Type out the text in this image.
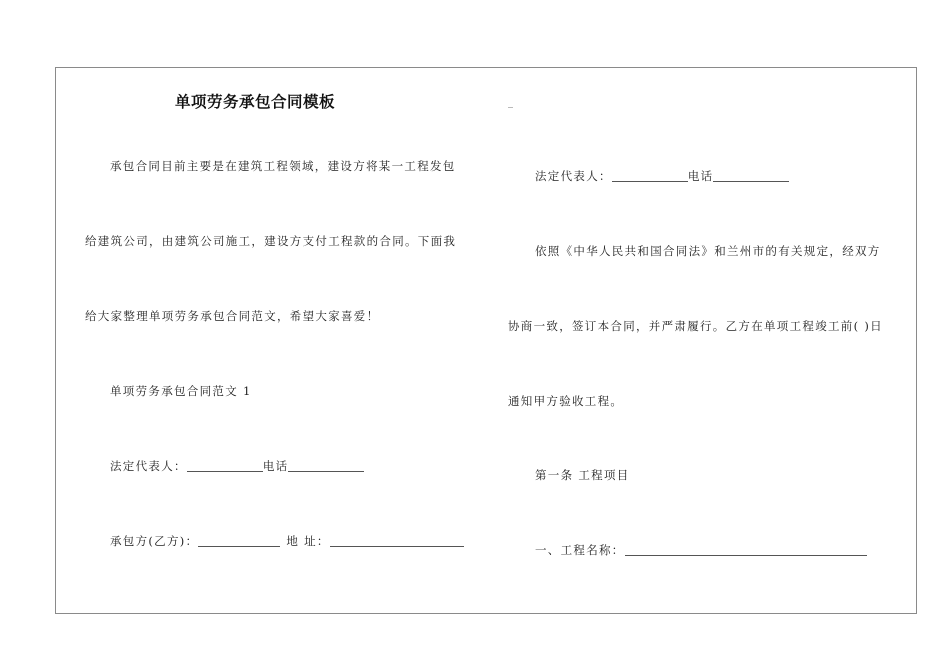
单项劳务承包合同模板	_
承包合同目前主要是在建筑工程领域，建设方将某一工程发包
给建筑公司，由建筑公司施工，建设方支付工程款的合同。下面我
给大家整理单项劳务承包合同范文，希望大家喜爱！
单项劳务承包合同范文 1
法定代表人：	电话
承包方(乙方)：	地 址：
法定代表人：	电话
依照《中华人民共和国合同法》和兰州市的有关规定，经双方
协商一致，签订本合同，并严肃履行。乙方在单项工程竣工前( )日
通知甲方验收工程。
第一条 工程项目
一、工程名称：
